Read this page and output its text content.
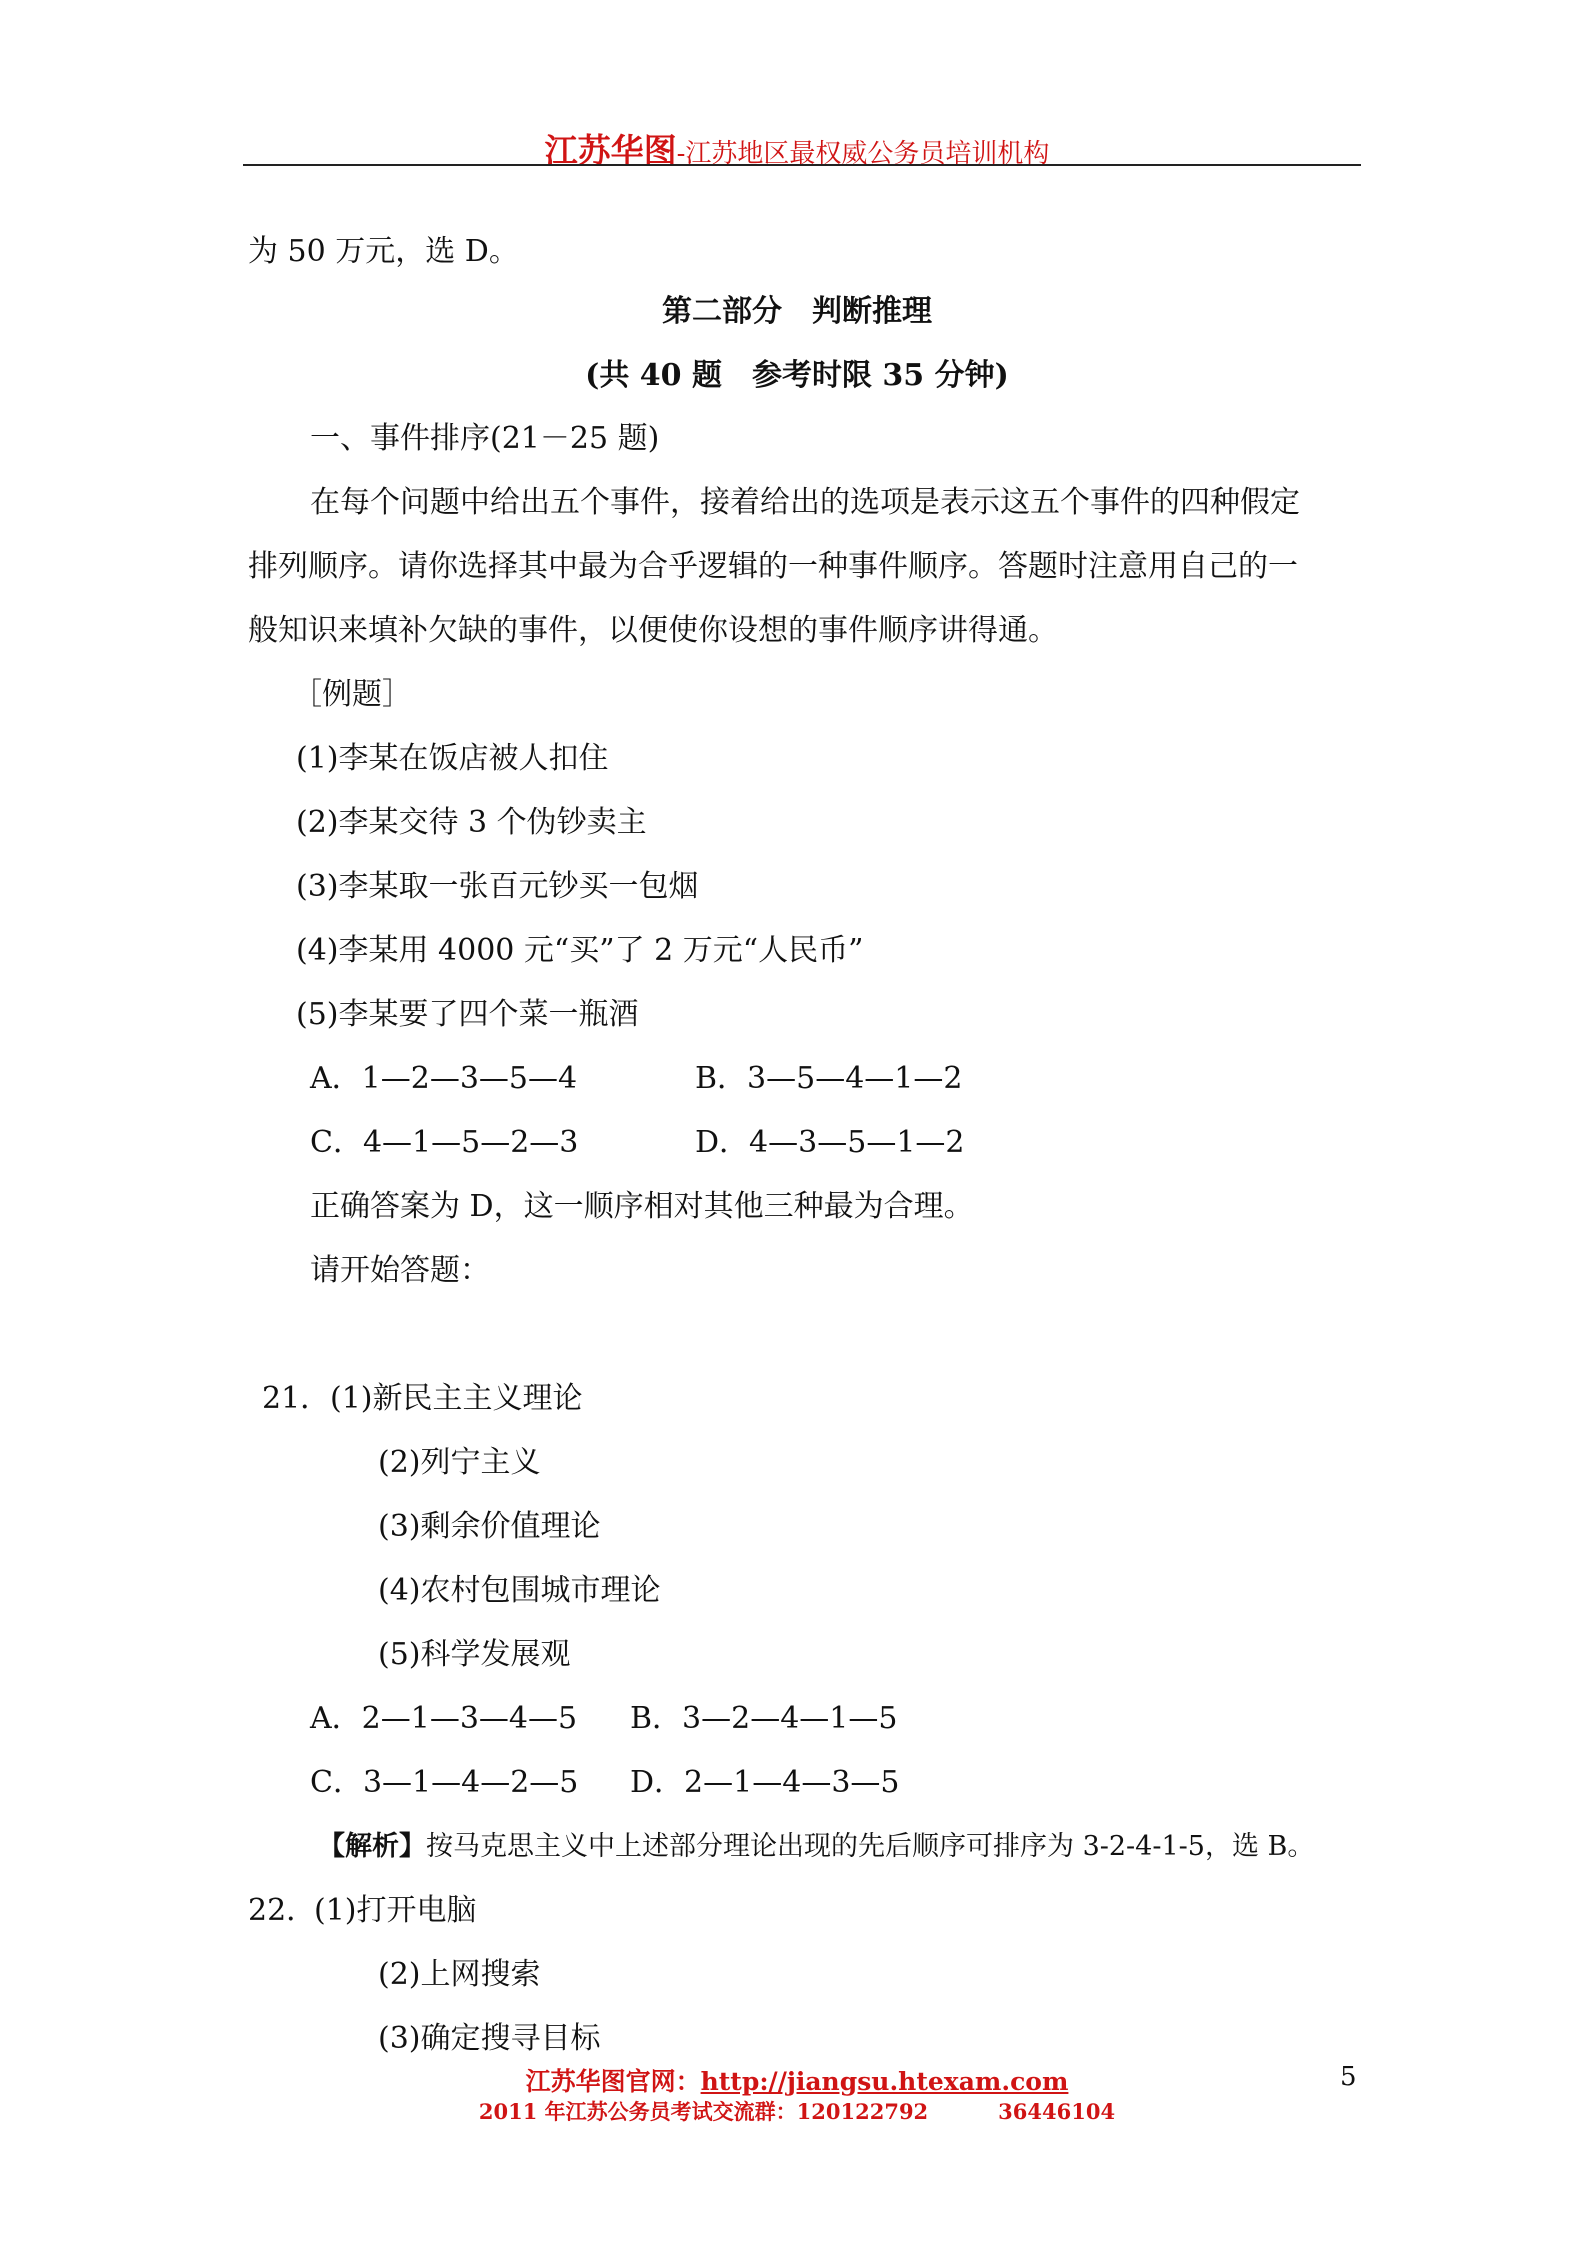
江苏华图-江苏地区最权威公务员培训机构
为 50 万元，选 D。
第二部分　判断推理
(共 40 题　参考时限 35 分钟)
一、事件排序(21－25 题)
在每个问题中给出五个事件，接着给出的选项是表示这五个事件的四种假定
排列顺序。请你选择其中最为合乎逻辑的一种事件顺序。答题时注意用自己的一
般知识来填补欠缺的事件，以便使你设想的事件顺序讲得通。
［例题］
(1)李某在饭店被人扣住
(2)李某交待 3 个伪钞卖主
(3)李某取一张百元钞买一包烟
(4)李某用 4000 元“买”了 2 万元“人民币”
(5)李某要了四个菜一瓶酒
A．1—2—3—5—4	B．3—5—4—1—2
C．4—1—5—2—3	D．4—3—5—1—2
正确答案为 D，这一顺序相对其他三种最为合理。
请开始答题：
21． (1)新民主主义理论
(2)列宁主义
(3)剩余价值理论
(4)农村包围城市理论
(5)科学发展观
A．2—1—3—4—5 B．3—2—4—1—5
C．3—1—4—2—5 D．2—1—4—3—5
【解析】按马克思主义中上述部分理论出现的先后顺序可排序为 3-2-4-1-5，选 B。
22．
(1)打开电脑
(2)上网搜索
(3)确定搜寻目标
江苏华图官网：http://jiangsu.htexam.com
2011 年江苏公务员考试交流群：120122792	36446104
5
